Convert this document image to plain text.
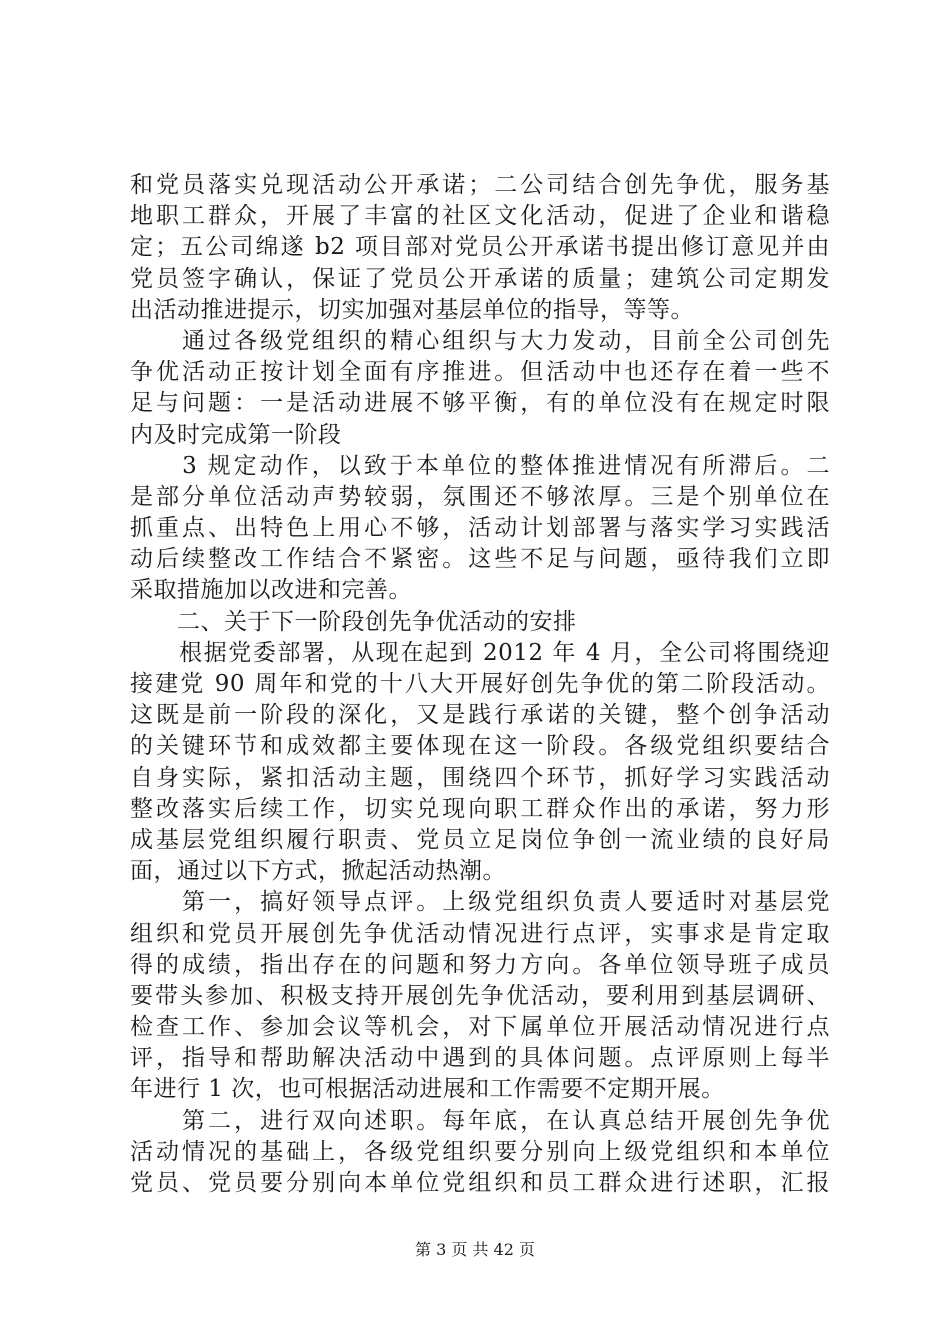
和党员落实兑现活动公开承诺；二公司结合创先争优，服务基
地职工群众，开展了丰富的社区文化活动，促进了企业和谐稳
定；五公司绵遂 b2 项目部对党员公开承诺书提出修订意见并由
党员签字确认，保证了党员公开承诺的质量；建筑公司定期发
出活动推进提示，切实加强对基层单位的指导，等等。
　　通过各级党组织的精心组织与大力发动，目前全公司创先
争优活动正按计划全面有序推进。但活动中也还存在着一些不
足与问题：一是活动进展不够平衡，有的单位没有在规定时限
内及时完成第一阶段
　　3 规定动作，以致于本单位的整体推进情况有所滞后。二
是部分单位活动声势较弱，氛围还不够浓厚。三是个别单位在
抓重点、出特色上用心不够，活动计划部署与落实学习实践活
动后续整改工作结合不紧密。这些不足与问题，亟待我们立即
采取措施加以改进和完善。
　　二、关于下一阶段创先争优活动的安排
　　根据党委部署，从现在起到 2012 年 4 月，全公司将围绕迎
接建党 90 周年和党的十八大开展好创先争优的第二阶段活动。
这既是前一阶段的深化，又是践行承诺的关键，整个创争活动
的关键环节和成效都主要体现在这一阶段。各级党组织要结合
自身实际，紧扣活动主题，围绕四个环节，抓好学习实践活动
整改落实后续工作，切实兑现向职工群众作出的承诺，努力形
成基层党组织履行职责、党员立足岗位争创一流业绩的良好局
面，通过以下方式，掀起活动热潮。
　　第一，搞好领导点评。上级党组织负责人要适时对基层党
组织和党员开展创先争优活动情况进行点评，实事求是肯定取
得的成绩，指出存在的问题和努力方向。各单位领导班子成员
要带头参加、积极支持开展创先争优活动，要利用到基层调研、
检查工作、参加会议等机会，对下属单位开展活动情况进行点
评，指导和帮助解决活动中遇到的具体问题。点评原则上每半
年进行 1 次，也可根据活动进展和工作需要不定期开展。
　　第二，进行双向述职。每年底，在认真总结开展创先争优
活动情况的基础上，各级党组织要分别向上级党组织和本单位
党员、党员要分别向本单位党组织和员工群众进行述职，汇报
第 3 页 共 42 页
